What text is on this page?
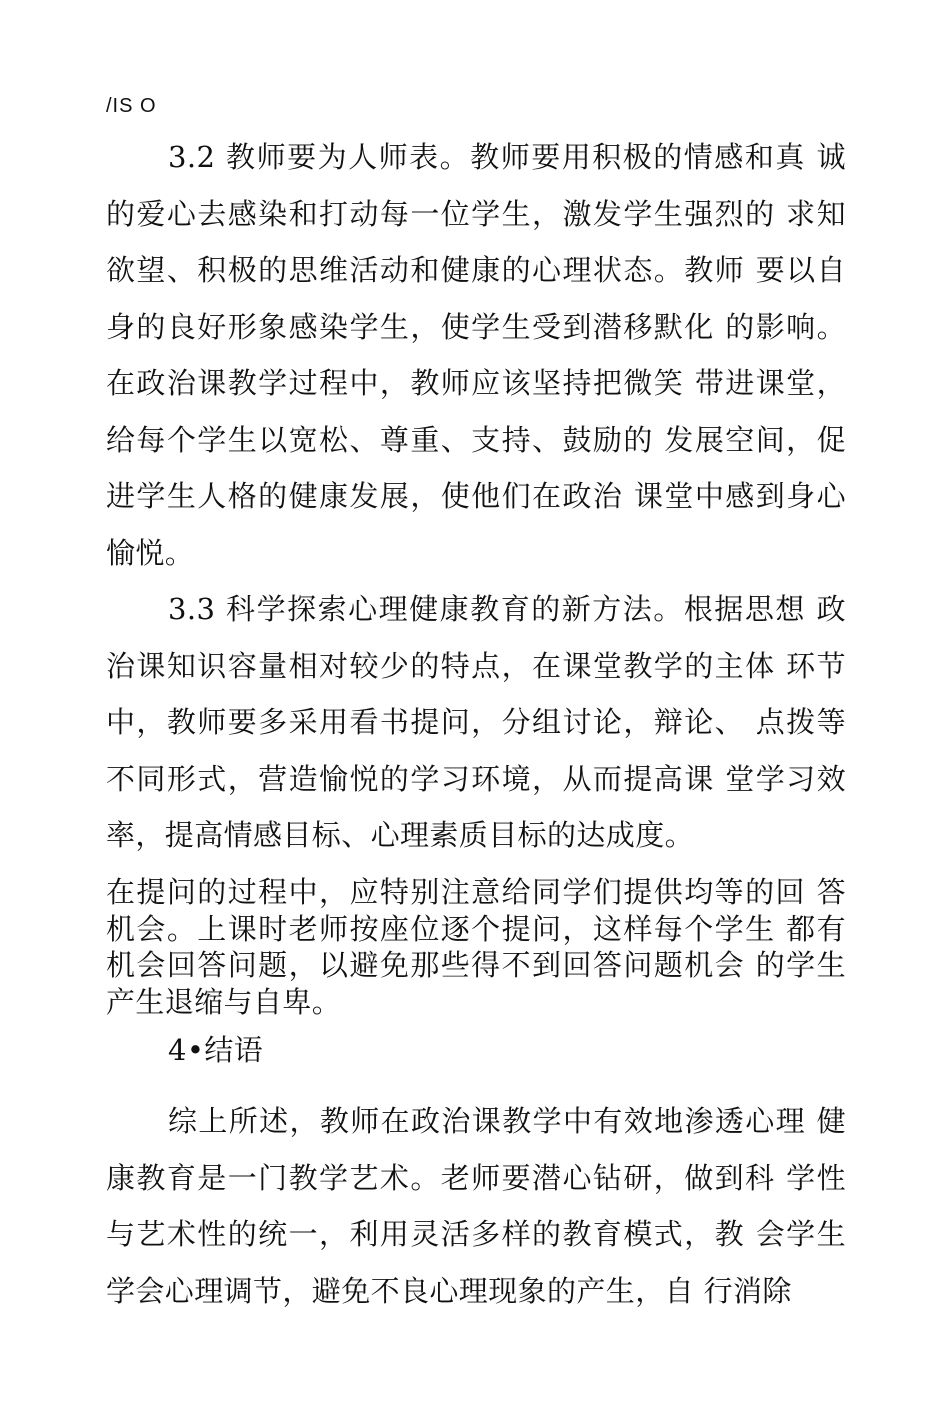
/IS O

3.2 教师要为人师表。教师要用积极的情感和真 诚的爱心去感染和打动每一位学生，激发学生强烈的 求知欲望、积极的思维活动和健康的心理状态。教师 要以自身的良好形象感染学生，使学生受到潜移默化 的影响。在政治课教学过程中，教师应该坚持把微笑 带进课堂，给每个学生以宽松、尊重、支持、鼓励的 发展空间，促进学生人格的健康发展，使他们在政治 课堂中感到身心愉悦。

3.3 科学探索心理健康教育的新方法。根据思想 政治课知识容量相对较少的特点，在课堂教学的主体 环节中，教师要多采用看书提问，分组讨论，辩论、 点拨等不同形式，营造愉悦的学习环境，从而提高课 堂学习效率，提高情感目标、心理素质目标的达成度。

在提问的过程中，应特别注意给同学们提供均等的回 答机会。上课时老师按座位逐个提问，这样每个学生 都有机会回答问题，以避免那些得不到回答问题机会 的学生产生退缩与自卑。

4•结语

综上所述，教师在政治课教学中有效地渗透心理 健康教育是一门教学艺术。老师要潜心钻研，做到科 学性与艺术性的统一，利用灵活多样的教育模式，教 会学生学会心理调节，避免不良心理现象的产生，自 行消除
